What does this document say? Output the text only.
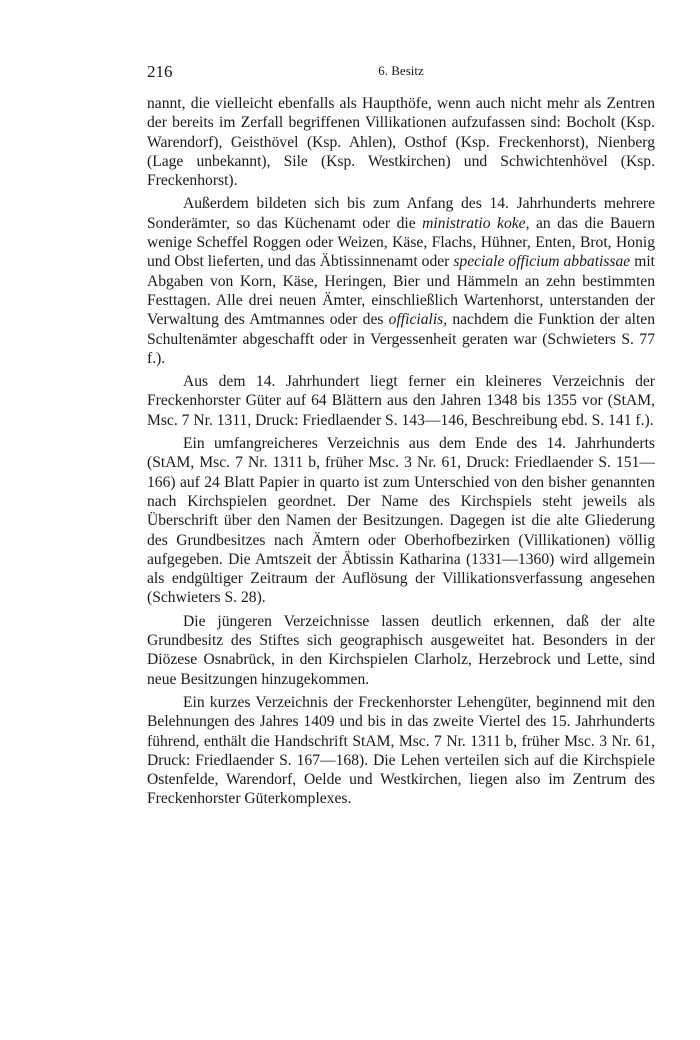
216	6. Besitz

nannt, die vielleicht ebenfalls als Haupthöfe, wenn auch nicht mehr als Zentren der bereits im Zerfall begriffenen Villikationen aufzufassen sind: Bocholt (Ksp. Warendorf), Geisthövel (Ksp. Ahlen), Osthof (Ksp. Freckenhorst), Nienberg (Lage unbekannt), Sile (Ksp. Westkirchen) und Schwichtenhövel (Ksp. Freckenhorst).

Außerdem bildeten sich bis zum Anfang des 14. Jahrhunderts mehrere Sonderämter, so das Küchenamt oder die ministratio koke, an das die Bauern wenige Scheffel Roggen oder Weizen, Käse, Flachs, Hühner, Enten, Brot, Honig und Obst lieferten, und das Äbtissinnenamt oder speciale officium abbatissae mit Abgaben von Korn, Käse, Heringen, Bier und Hämmeln an zehn bestimmten Festtagen. Alle drei neuen Ämter, einschließlich Wartenhorst, unterstanden der Verwaltung des Amtmannes oder des officialis, nachdem die Funktion der alten Schultenämter abgeschafft oder in Vergessenheit geraten war (Schwieters S. 77 f.).

Aus dem 14. Jahrhundert liegt ferner ein kleineres Verzeichnis der Freckenhorster Güter auf 64 Blättern aus den Jahren 1348 bis 1355 vor (StAM, Msc. 7 Nr. 1311, Druck: Friedlaender S. 143—146, Beschreibung ebd. S. 141 f.).

Ein umfangreicheres Verzeichnis aus dem Ende des 14. Jahrhunderts (StAM, Msc. 7 Nr. 1311 b, früher Msc. 3 Nr. 61, Druck: Friedlaender S. 151—166) auf 24 Blatt Papier in quarto ist zum Unterschied von den bisher genannten nach Kirchspielen geordnet. Der Name des Kirchspiels steht jeweils als Überschrift über den Namen der Besitzungen. Dagegen ist die alte Gliederung des Grundbesitzes nach Ämtern oder Oberhofbezirken (Villikationen) völlig aufgegeben. Die Amtszeit der Äbtissin Katharina (1331—1360) wird allgemein als endgültiger Zeitraum der Auflösung der Villikationsverfassung angesehen (Schwieters S. 28).

Die jüngeren Verzeichnisse lassen deutlich erkennen, daß der alte Grundbesitz des Stiftes sich geographisch ausgeweitet hat. Besonders in der Diözese Osnabrück, in den Kirchspielen Clarholz, Herzebrock und Lette, sind neue Besitzungen hinzugekommen.

Ein kurzes Verzeichnis der Freckenhorster Lehengüter, beginnend mit den Belehnungen des Jahres 1409 und bis in das zweite Viertel des 15. Jahrhunderts führend, enthält die Handschrift StAM, Msc. 7 Nr. 1311 b, früher Msc. 3 Nr. 61, Druck: Friedlaender S. 167—168). Die Lehen verteilen sich auf die Kirchspiele Ostenfelde, Warendorf, Oelde und Westkirchen, liegen also im Zentrum des Freckenhorster Güterkomplexes.
